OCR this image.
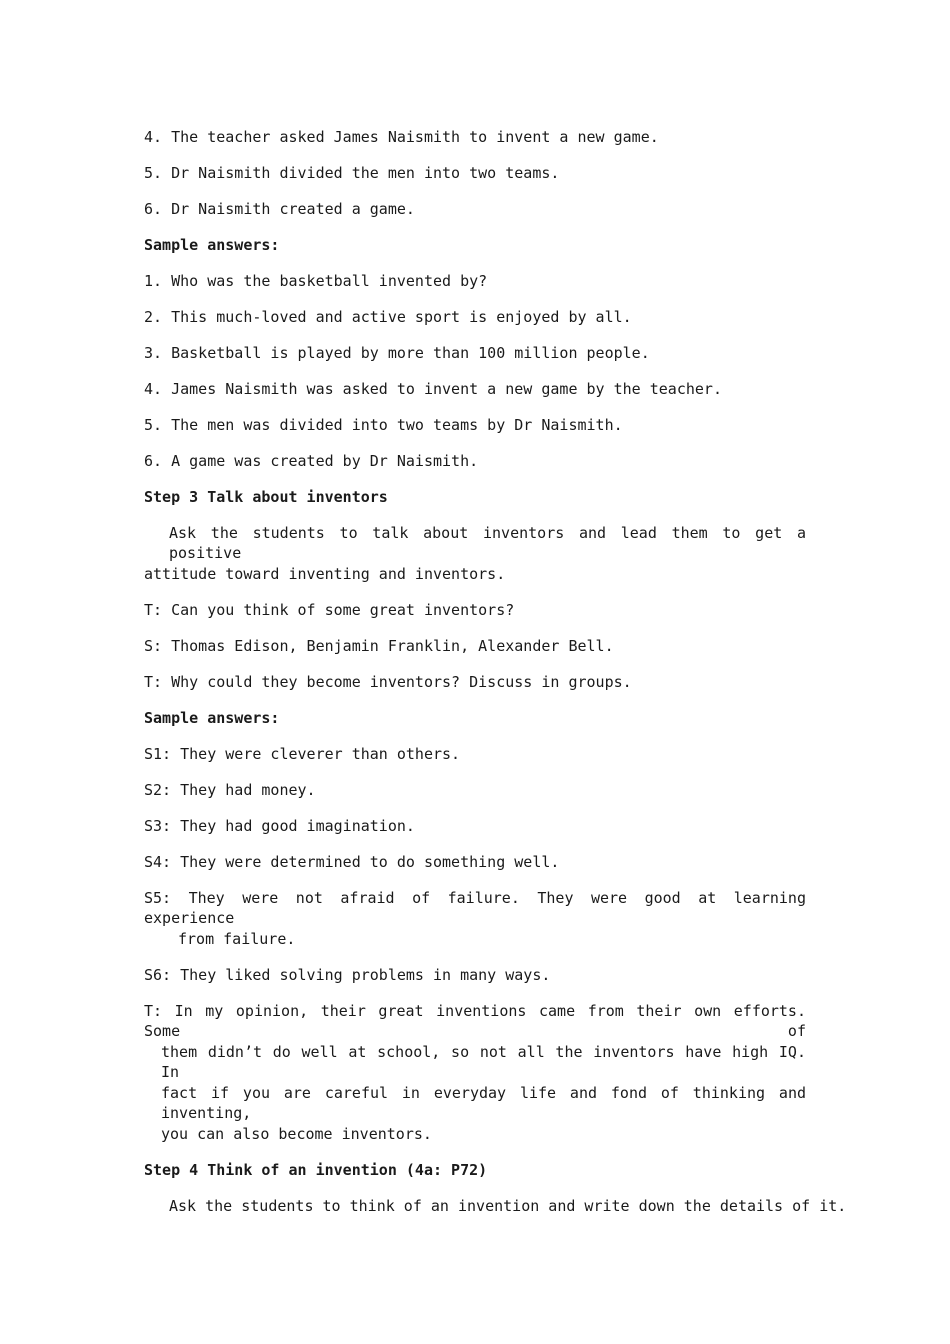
4. The teacher asked James Naismith to invent a new game.
5. Dr Naismith divided the men into two teams.
6. Dr Naismith created a game.
Sample answers:
1. Who was the basketball invented by?
2. This much-loved and active sport is enjoyed by all.
3. Basketball is played by more than 100 million people.
4. James Naismith was asked to invent a new game by the teacher.
5. The men was divided into two teams by Dr Naismith.
6. A game was created by Dr Naismith.
Step 3 Talk about inventors
Ask the students to talk about inventors and lead them to get a positive
attitude toward inventing and inventors.
T: Can you think of some great inventors?
S: Thomas Edison, Benjamin Franklin, Alexander Bell.
T: Why could they become inventors? Discuss in groups.
Sample answers:
S1: They were cleverer than others.
S2: They had money.
S3: They had good imagination.
S4: They were determined to do something well.
S5: They were not afraid of failure. They were good at learning experience
from failure.
S6: They liked solving problems in many ways.
T: In my opinion, their great inventions came from their own efforts. Some of
them didn’t do well at school, so not all the inventors have high IQ. In
fact if you are careful in everyday life and fond of thinking and inventing,
you can also become inventors.
Step 4 Think of an invention (4a: P72)
Ask the students to think of an invention and write down the details of it.
